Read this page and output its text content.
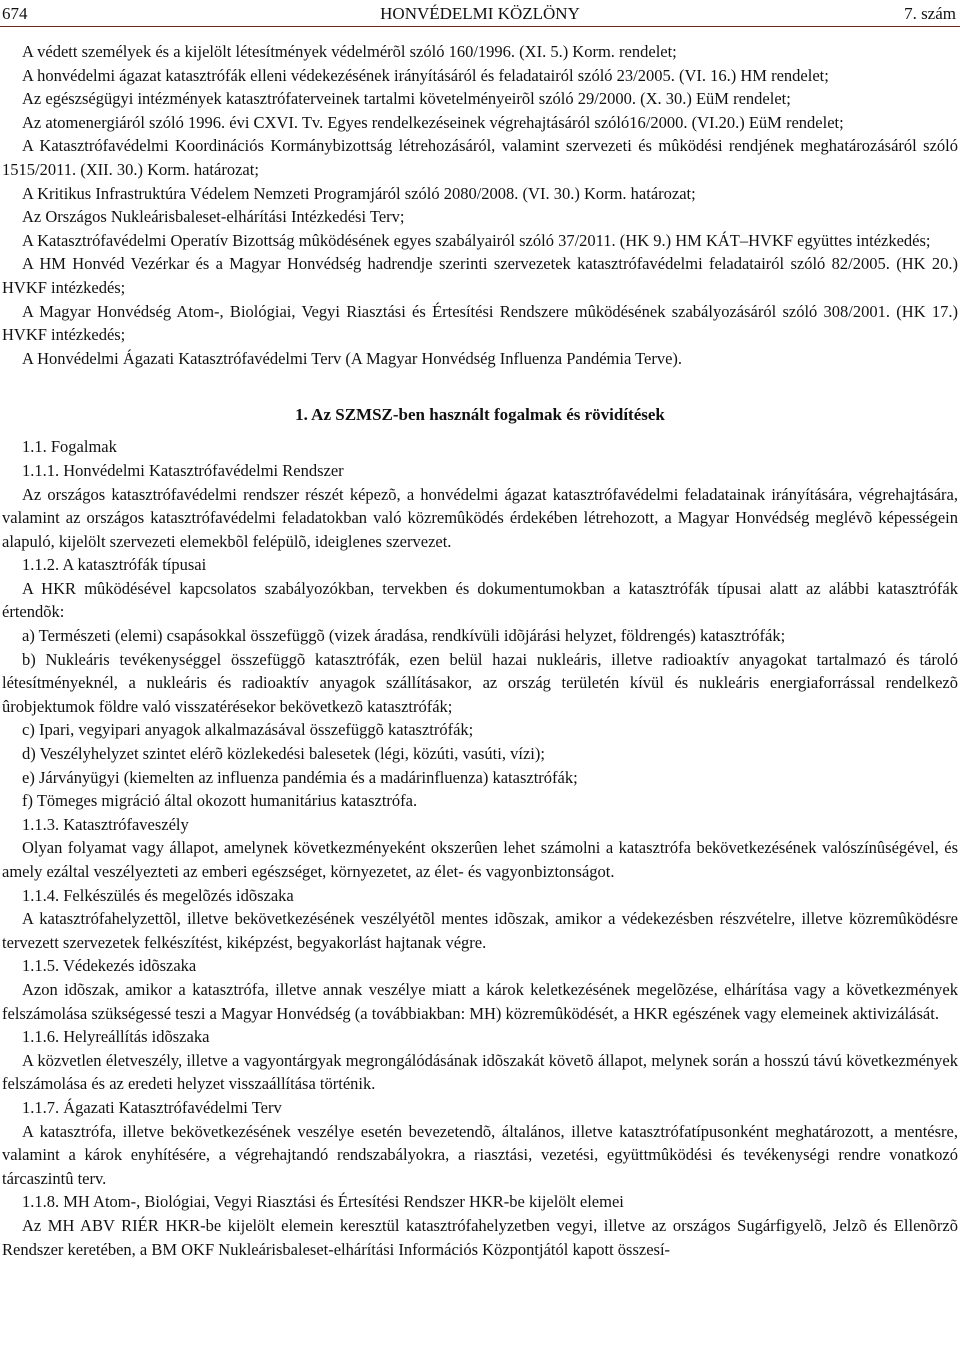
674	HONVÉDELMI KÖZLÖNY	7. szám

A védett személyek és a kijelölt létesítmények védelmérõl szóló 160/1996. (XI. 5.) Korm. rendelet;

A honvédelmi ágazat katasztrófák elleni védekezésének irányításáról és feladatairól szóló 23/2005. (VI. 16.) HM rendelet;

Az egészségügyi intézmények katasztrófaterveinek tartalmi követelményeirõl szóló 29/2000. (X. 30.) EüM rendelet;

Az atomenergiáról szóló 1996. évi CXVI. Tv. Egyes rendelkezéseinek végrehajtásáról szóló16/2000. (VI.20.) EüM rendelet;

A Katasztrófavédelmi Koordinációs Kormánybizottság létrehozásáról, valamint szervezeti és mûködési rendjének meghatározásáról szóló 1515/2011. (XII. 30.) Korm. határozat;

A Kritikus Infrastruktúra Védelem Nemzeti Programjáról szóló 2080/2008. (VI. 30.) Korm. határozat;

Az Országos Nukleárisbaleset-elhárítási Intézkedési Terv;

A Katasztrófavédelmi Operatív Bizottság mûködésének egyes szabályairól szóló 37/2011. (HK 9.) HM KÁT–HVKF együttes intézkedés;

A HM Honvéd Vezérkar és a Magyar Honvédség hadrendje szerinti szervezetek katasztrófavédelmi feladatairól szóló 82/2005. (HK 20.) HVKF intézkedés;

A Magyar Honvédség Atom-, Biológiai, Vegyi Riasztási és Értesítési Rendszere mûködésének szabályozásáról szóló 308/2001. (HK 17.) HVKF intézkedés;

A Honvédelmi Ágazati Katasztrófavédelmi Terv (A Magyar Honvédség Influenza Pandémia Terve).

1. Az SZMSZ-ben használt fogalmak és rövidítések

1.1. Fogalmak

1.1.1. Honvédelmi Katasztrófavédelmi Rendszer

Az országos katasztrófavédelmi rendszer részét képezõ, a honvédelmi ágazat katasztrófavédelmi feladatainak irányítására, végrehajtására, valamint az országos katasztrófavédelmi feladatokban való közremûködés érdekében létrehozott, a Magyar Honvédség meglévõ képességein alapuló, kijelölt szervezeti elemekbõl felépülõ, ideiglenes szervezet.

1.1.2. A katasztrófák típusai

A HKR mûködésével kapcsolatos szabályozókban, tervekben és dokumentumokban a katasztrófák típusai alatt az alábbi katasztrófák értendõk:

a) Természeti (elemi) csapásokkal összefüggõ (vizek áradása, rendkívüli idõjárási helyzet, földrengés) katasztrófák;

b) Nukleáris tevékenységgel összefüggõ katasztrófák, ezen belül hazai nukleáris, illetve radioaktív anyagokat tartalmazó és tároló létesítményeknél, a nukleáris és radioaktív anyagok szállításakor, az ország területén kívül és nukleáris energiaforrással rendelkezõ ûrobjektumok földre való visszatérésekor bekövetkezõ katasztrófák;

c) Ipari, vegyipari anyagok alkalmazásával összefüggõ katasztrófák;

d) Veszélyhelyzet szintet elérõ közlekedési balesetek (légi, közúti, vasúti, vízi);

e) Járványügyi (kiemelten az influenza pandémia és a madárinfluenza) katasztrófák;

f) Tömeges migráció által okozott humanitárius katasztrófa.

1.1.3. Katasztrófaveszély

Olyan folyamat vagy állapot, amelynek következményeként okszerûen lehet számolni a katasztrófa bekövetkezésének valószínûségével, és amely ezáltal veszélyezteti az emberi egészséget, környezetet, az élet- és vagyonbiztonságot.

1.1.4. Felkészülés és megelõzés idõszaka

A katasztrófahelyzettõl, illetve bekövetkezésének veszélyétõl mentes idõszak, amikor a védekezésben részvételre, illetve közremûködésre tervezett szervezetek felkészítést, kiképzést, begyakorlást hajtanak végre.

1.1.5. Védekezés idõszaka

Azon idõszak, amikor a katasztrófa, illetve annak veszélye miatt a károk keletkezésének megelõzése, elhárítása vagy a következmények felszámolása szükségessé teszi a Magyar Honvédség (a továbbiakban: MH) közremûködését, a HKR egészének vagy elemeinek aktivizálását.

1.1.6. Helyreállítás idõszaka

A közvetlen életveszély, illetve a vagyontárgyak megrongálódásának idõszakát követõ állapot, melynek során a hosszú távú következmények felszámolása és az eredeti helyzet visszaállítása történik.

1.1.7. Ágazati Katasztrófavédelmi Terv

A katasztrófa, illetve bekövetkezésének veszélye esetén bevezetendõ, általános, illetve katasztrófatípusonként meghatározott, a mentésre, valamint a károk enyhítésére, a végrehajtandó rendszabályokra, a riasztási, vezetési, együttmûködési és tevékenységi rendre vonatkozó tárcaszintû terv.

1.1.8. MH Atom-, Biológiai, Vegyi Riasztási és Értesítési Rendszer HKR-be kijelölt elemei

Az MH ABV RIÉR HKR-be kijelölt elemein keresztül katasztrófahelyzetben vegyi, illetve az országos Sugárfigyelõ, Jelzõ és Ellenõrzõ Rendszer keretében, a BM OKF Nukleárisbaleset-elhárítási Információs Központjától kapott összesí-
